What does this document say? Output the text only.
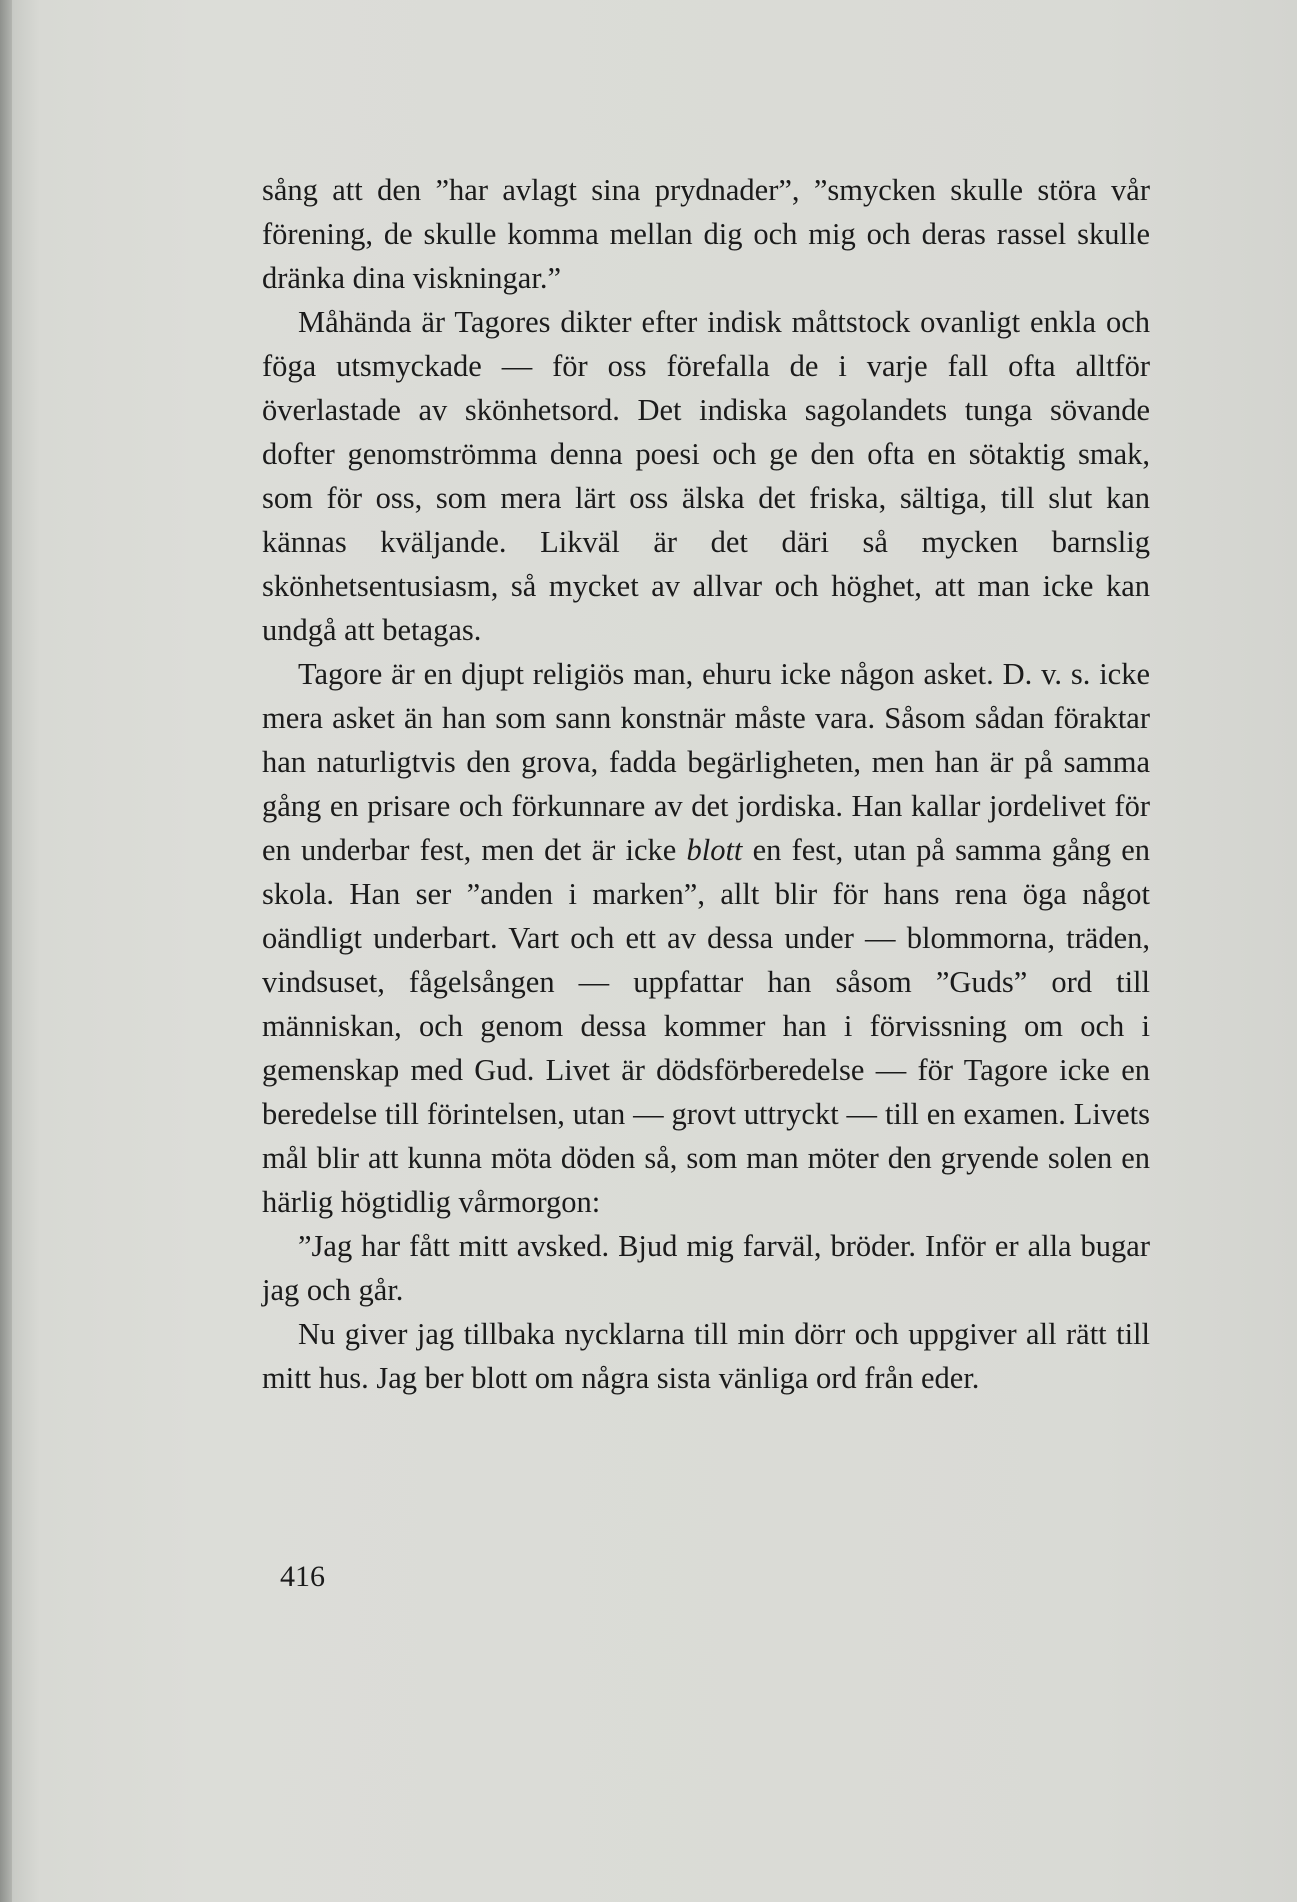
sång att den ”har avlagt sina prydnader”, ”smycken skulle störa vår förening, de skulle komma mellan dig och mig och deras rassel skulle dränka dina viskningar.”

Måhända är Tagores dikter efter indisk måttstock ovanligt enkla och föga utsmyckade — för oss förefalla de i varje fall ofta alltför överlastade av skönhetsord. Det indiska sagolandets tunga sövande dofter genomströmma denna poesi och ge den ofta en sötaktig smak, som för oss, som mera lärt oss älska det friska, sältiga, till slut kan kännas kväljande. Likväl är det däri så mycken barnslig skönhetsentusiasm, så mycket av allvar och höghet, att man icke kan undgå att betagas.

Tagore är en djupt religiös man, ehuru icke någon asket. D. v. s. icke mera asket än han som sann konstnär måste vara. Såsom sådan föraktar han naturligtvis den grova, fadda begärligheten, men han är på samma gång en prisare och förkunnare av det jordiska. Han kallar jordelivet för en underbar fest, men det är icke blott en fest, utan på samma gång en skola. Han ser ”anden i marken”, allt blir för hans rena öga något oändligt underbart. Vart och ett av dessa under — blommorna, träden, vindsuset, fågelsången — uppfattar han såsom ”Guds” ord till människan, och genom dessa kommer han i förvissning om och i gemenskap med Gud. Livet är dödsförberedelse — för Tagore icke en beredelse till förintelsen, utan — grovt uttryckt — till en examen. Livets mål blir att kunna möta döden så, som man möter den gryende solen en härlig högtidlig vårmorgon:

”Jag har fått mitt avsked. Bjud mig farväl, bröder. Inför er alla bugar jag och går.

Nu giver jag tillbaka nycklarna till min dörr och uppgiver all rätt till mitt hus. Jag ber blott om några sista vänliga ord från eder.

416
